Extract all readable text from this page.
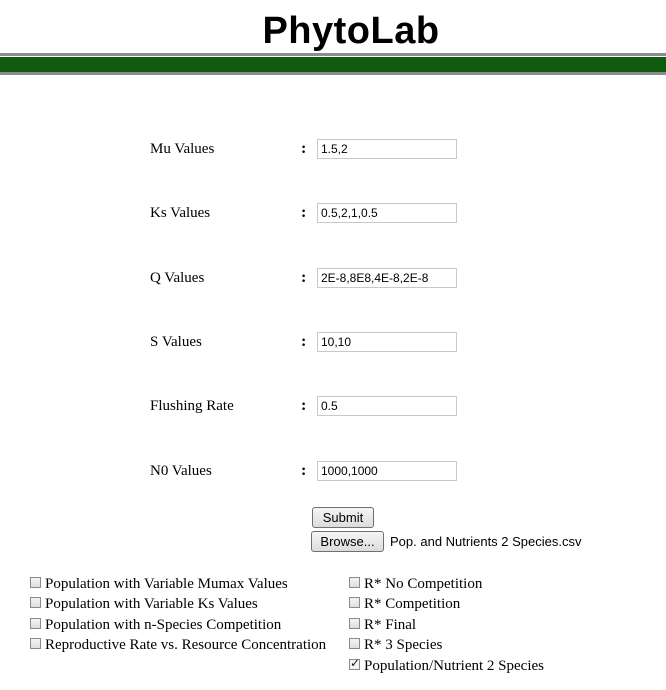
PhytoLab
Mu Values	:
1.5,2
Ks Values	:
0.5,2,1,0.5
Q Values	:
2E-8,8E8,4E-8,2E-8
S Values	:
10,10
Flushing Rate	:
0.5
N0 Values	:
1000,1000
Submit
Browse...	Pop. and Nutrients 2 Species.csv
Population with Variable Mumax Values
Population with Variable Ks Values
Population with n-Species Competition
Reproductive Rate vs. Resource Concentration
R* No Competition
R* Competition
R* Final
R* 3 Species
✓Population/Nutrient 2 Species
